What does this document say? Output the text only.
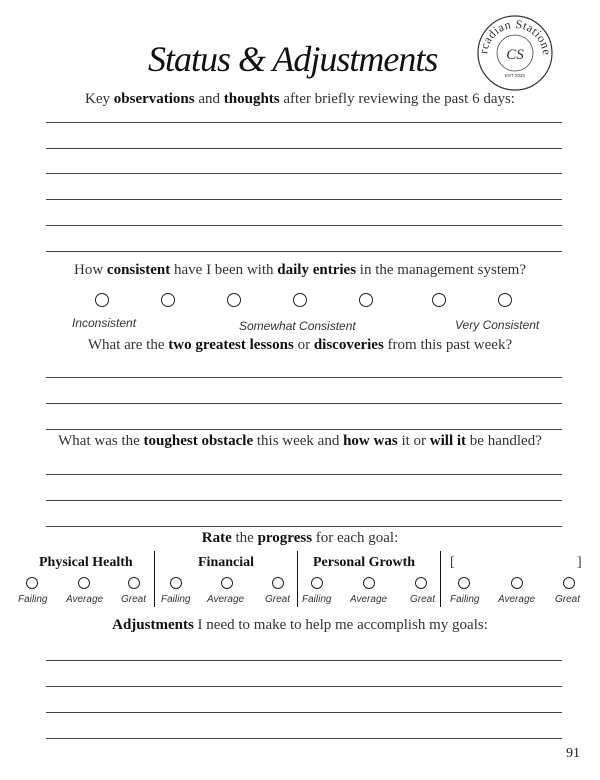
Status & Adjustments	rcadian Statione
CS
EST 2020
Key observations and thoughts after briefly reviewing the past 6 days:
How consistent have I been with daily entries in the management system?
Inconsistent	Somewhat Consistent	Very Consistent
What are the two greatest lessons or discoveries from this past week?
What was the toughest obstacle this week and how was it or will it be handled?
Rate the progress for each goal:
Physical Health	Financial	Personal Growth [	]
Failing Average Great Failing Average Great Failing Average Great Failing Average Great
Adjustments I need to make to help me accomplish my goals:
91
